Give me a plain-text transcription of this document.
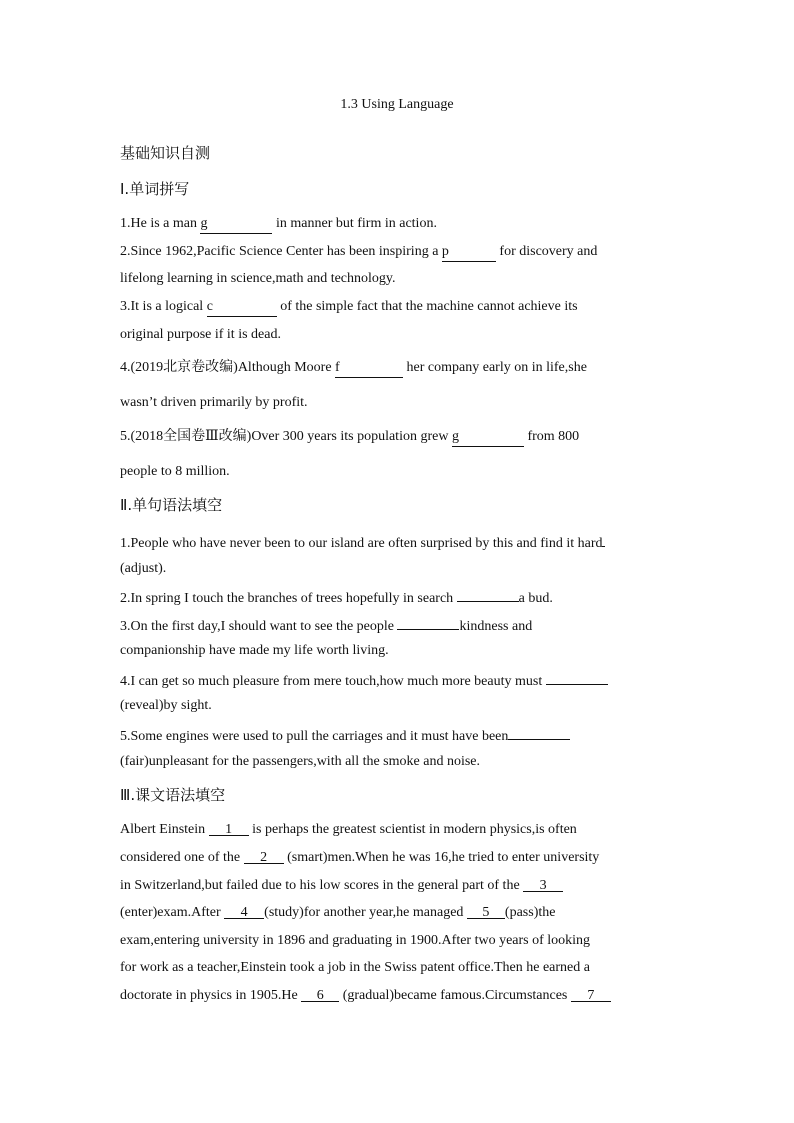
1.3 Using Language
基础知识自测
Ⅰ.单词拼写
1.He is a man g	in manner but firm in action.
2.Since 1962,Pacific Science Center has been inspiring a p	for discovery and
lifelong learning in science,math and technology.
3.It is a logical c	of the simple fact that the machine cannot achieve its
original purpose if it is dead.
4.(2019北京卷改编)Although Moore f	her company early on in life,she
wasn’t driven primarily by profit.
5.(2018全国卷Ⅲ改编)Over 300 years its population grew g	from 800
people to 8 million.
Ⅱ.单句语法填空
1.People who have never been to our island are often surprised by this and find it hard
(adjust).
2.In spring I touch the branches of trees hopefully in search	a bud.
3.On the first day,I should want to see the people	kindness and
companionship have made my life worth living.
4.I can get so much pleasure from mere touch,how much more beauty must
(reveal)by sight.
5.Some engines were used to pull the carriages and it must have been
(fair)unpleasant for the passengers,with all the smoke and noise.
Ⅲ.课文语法填空
Albert Einstein 1 is perhaps the greatest scientist in modern physics,is often
considered one of the 2 (smart)men.When he was 16,he tried to enter university
in Switzerland,but failed due to his low scores in the general part of the 3
(enter)exam.After 4 (study)for another year,he managed 5 (pass)the
exam,entering university in 1896 and graduating in 1900.After two years of looking
for work as a teacher,Einstein took a job in the Swiss patent office.Then he earned a
doctorate in physics in 1905.He 6 (gradual)became famous.Circumstances 7
